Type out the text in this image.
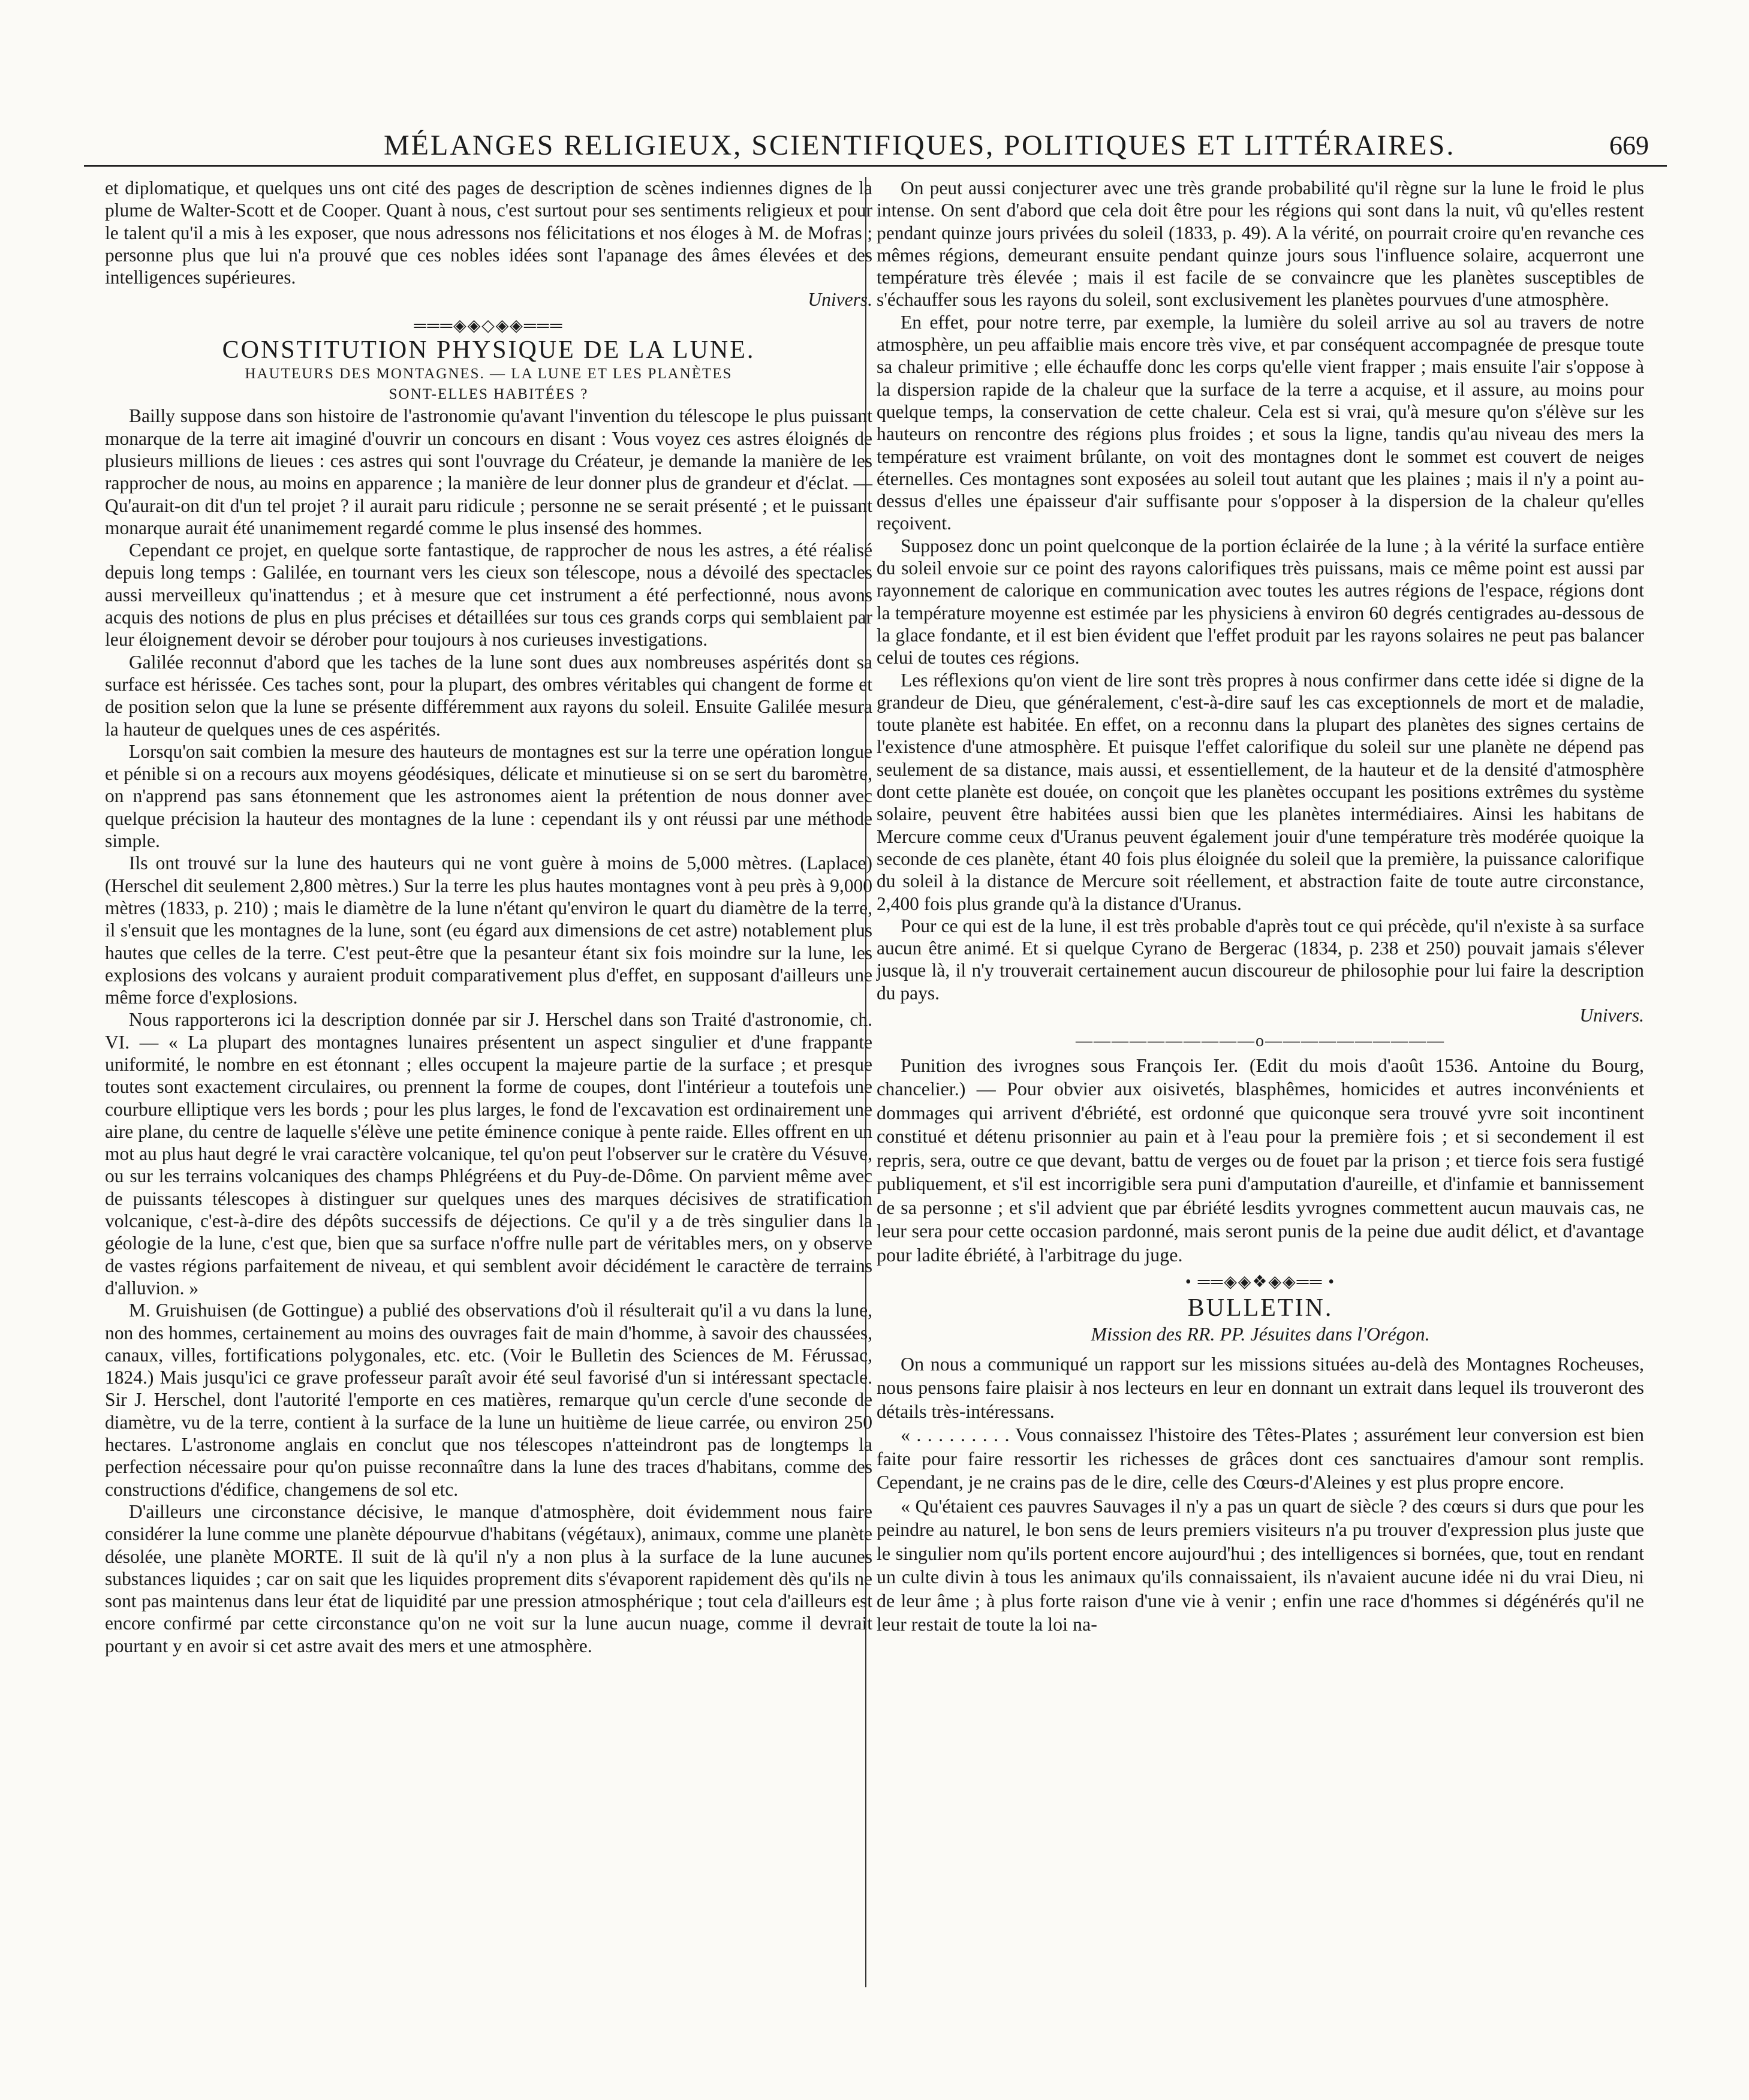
MÉLANGES RELIGIEUX, SCIENTIFIQUES, POLITIQUES ET LITTÉRAIRES.	669

et diplomatique, et quelques uns ont cité des pages de description de scènes indiennes dignes de la plume de Walter-Scott et de Cooper. Quant à nous, c'est surtout pour ses sentiments religieux et pour le talent qu'il a mis à les exposer, que nous adressons nos félicitations et nos éloges à M. de Mofras ; personne plus que lui n'a prouvé que ces nobles idées sont l'apanage des âmes élevées et des intelligences supérieures.

Univers.

═══◈◈◇◈◈═══
CONSTITUTION PHYSIQUE DE LA LUNE.
HAUTEURS DES MONTAGNES. — LA LUNE ET LES PLANÈTES
SONT-ELLES HABITÉES ?

Bailly suppose dans son histoire de l'astronomie qu'avant l'invention du télescope le plus puissant monarque de la terre ait imaginé d'ouvrir un concours en disant : Vous voyez ces astres éloignés de plusieurs millions de lieues : ces astres qui sont l'ouvrage du Créateur, je demande la manière de les rapprocher de nous, au moins en apparence ; la manière de leur donner plus de grandeur et d'éclat. — Qu'aurait-on dit d'un tel projet ? il aurait paru ridicule ; personne ne se serait présenté ; et le puissant monarque aurait été unanimement regardé comme le plus insensé des hommes.

Cependant ce projet, en quelque sorte fantastique, de rapprocher de nous les astres, a été réalisé depuis long temps : Galilée, en tournant vers les cieux son télescope, nous a dévoilé des spectacles aussi merveilleux qu'inattendus ; et à mesure que cet instrument a été perfectionné, nous avons acquis des notions de plus en plus précises et détaillées sur tous ces grands corps qui semblaient par leur éloignement devoir se dérober pour toujours à nos curieuses investigations.

Galilée reconnut d'abord que les taches de la lune sont dues aux nombreuses aspérités dont sa surface est hérissée. Ces taches sont, pour la plupart, des ombres véritables qui changent de forme et de position selon que la lune se présente différemment aux rayons du soleil. Ensuite Galilée mesura la hauteur de quelques unes de ces aspérités.

Lorsqu'on sait combien la mesure des hauteurs de montagnes est sur la terre une opération longue et pénible si on a recours aux moyens géodésiques, délicate et minutieuse si on se sert du baromètre, on n'apprend pas sans étonnement que les astronomes aient la prétention de nous donner avec quelque précision la hauteur des montagnes de la lune : cependant ils y ont réussi par une méthode simple.

Ils ont trouvé sur la lune des hauteurs qui ne vont guère à moins de 5,000 mètres. (Laplace) (Herschel dit seulement 2,800 mètres.) Sur la terre les plus hautes montagnes vont à peu près à 9,000 mètres (1833, p. 210) ; mais le diamètre de la lune n'étant qu'environ le quart du diamètre de la terre, il s'ensuit que les montagnes de la lune, sont (eu égard aux dimensions de cet astre) notablement plus hautes que celles de la terre. C'est peut-être que la pesanteur étant six fois moindre sur la lune, les explosions des volcans y auraient produit comparativement plus d'effet, en supposant d'ailleurs une même force d'explosions.

Nous rapporterons ici la description donnée par sir J. Herschel dans son Traité d'astronomie, ch. VI. — « La plupart des montagnes lunaires présentent un aspect singulier et d'une frappante uniformité, le nombre en est étonnant ; elles occupent la majeure partie de la surface ; et presque toutes sont exactement circulaires, ou prennent la forme de coupes, dont l'intérieur a toutefois une courbure elliptique vers les bords ; pour les plus larges, le fond de l'excavation est ordinairement une aire plane, du centre de laquelle s'élève une petite éminence conique à pente raide. Elles offrent en un mot au plus haut degré le vrai caractère volcanique, tel qu'on peut l'observer sur le cratère du Vésuve, ou sur les terrains volcaniques des champs Phlégréens et du Puy-de-Dôme. On parvient même avec de puissants télescopes à distinguer sur quelques unes des marques décisives de stratification volcanique, c'est-à-dire des dépôts successifs de déjections. Ce qu'il y a de très singulier dans la géologie de la lune, c'est que, bien que sa surface n'offre nulle part de véritables mers, on y observe de vastes régions parfaitement de niveau, et qui semblent avoir décidément le caractère de terrains d'alluvion. »

M. Gruishuisen (de Gottingue) a publié des observations d'où il résulterait qu'il a vu dans la lune, non des hommes, certainement au moins des ouvrages fait de main d'homme, à savoir des chaussées, canaux, villes, fortifications polygonales, etc. etc. (Voir le Bulletin des Sciences de M. Férussac, 1824.) Mais jusqu'ici ce grave professeur paraît avoir été seul favorisé d'un si intéressant spectacle. Sir J. Herschel, dont l'autorité l'emporte en ces matières, remarque qu'un cercle d'une seconde de diamètre, vu de la terre, contient à la surface de la lune un huitième de lieue carrée, ou environ 250 hectares. L'astronome anglais en conclut que nos télescopes n'atteindront pas de longtemps la perfection nécessaire pour qu'on puisse reconnaître dans la lune des traces d'habitans, comme des constructions d'édifice, changemens de sol etc.

D'ailleurs une circonstance décisive, le manque d'atmosphère, doit évidemment nous faire considérer la lune comme une planète dépourvue d'habitans (végétaux), animaux, comme une planète désolée, une planète MORTE. Il suit de là qu'il n'y a non plus à la surface de la lune aucunes substances liquides ; car on sait que les liquides proprement dits s'évaporent rapidement dès qu'ils ne sont pas maintenus dans leur état de liquidité par une pression atmosphérique ; tout cela d'ailleurs est encore confirmé par cette circonstance qu'on ne voit sur la lune aucun nuage, comme il devrait pourtant y en avoir si cet astre avait des mers et une atmosphère.

On peut aussi conjecturer avec une très grande probabilité qu'il règne sur la lune le froid le plus intense. On sent d'abord que cela doit être pour les régions qui sont dans la nuit, vû qu'elles restent pendant quinze jours privées du soleil (1833, p. 49). A la vérité, on pourrait croire qu'en revanche ces mêmes régions, demeurant ensuite pendant quinze jours sous l'influence solaire, acquerront une température très élevée ; mais il est facile de se convaincre que les planètes susceptibles de s'échauffer sous les rayons du soleil, sont exclusivement les planètes pourvues d'une atmosphère.

En effet, pour notre terre, par exemple, la lumière du soleil arrive au sol au travers de notre atmosphère, un peu affaiblie mais encore très vive, et par conséquent accompagnée de presque toute sa chaleur primitive ; elle échauffe donc les corps qu'elle vient frapper ; mais ensuite l'air s'oppose à la dispersion rapide de la chaleur que la surface de la terre a acquise, et il assure, au moins pour quelque temps, la conservation de cette chaleur. Cela est si vrai, qu'à mesure qu'on s'élève sur les hauteurs on rencontre des régions plus froides ; et sous la ligne, tandis qu'au niveau des mers la température est vraiment brûlante, on voit des montagnes dont le sommet est couvert de neiges éternelles. Ces montagnes sont exposées au soleil tout autant que les plaines ; mais il n'y a point au-dessus d'elles une épaisseur d'air suffisante pour s'opposer à la dispersion de la chaleur qu'elles reçoivent.

Supposez donc un point quelconque de la portion éclairée de la lune ; à la vérité la surface entière du soleil envoie sur ce point des rayons calorifiques très puissans, mais ce même point est aussi par rayonnement de calorique en communication avec toutes les autres régions de l'espace, régions dont la température moyenne est estimée par les physiciens à environ 60 degrés centigrades au-dessous de la glace fondante, et il est bien évident que l'effet produit par les rayons solaires ne peut pas balancer celui de toutes ces régions.

Les réflexions qu'on vient de lire sont très propres à nous confirmer dans cette idée si digne de la grandeur de Dieu, que généralement, c'est-à-dire sauf les cas exceptionnels de mort et de maladie, toute planète est habitée. En effet, on a reconnu dans la plupart des planètes des signes certains de l'existence d'une atmosphère. Et puisque l'effet calorifique du soleil sur une planète ne dépend pas seulement de sa distance, mais aussi, et essentiellement, de la hauteur et de la densité d'atmosphère dont cette planète est douée, on conçoit que les planètes occupant les positions extrêmes du système solaire, peuvent être habitées aussi bien que les planètes intermédiaires. Ainsi les habitans de Mercure comme ceux d'Uranus peuvent également jouir d'une température très modérée quoique la seconde de ces planète, étant 40 fois plus éloignée du soleil que la première, la puissance calorifique du soleil à la distance de Mercure soit réellement, et abstraction faite de toute autre circonstance, 2,400 fois plus grande qu'à la distance d'Uranus.

Pour ce qui est de la lune, il est très probable d'après tout ce qui précède, qu'il n'existe à sa surface aucun être animé. Et si quelque Cyrano de Bergerac (1834, p. 238 et 250) pouvait jamais s'élever jusque là, il n'y trouverait certainement aucun discoureur de philosophie pour lui faire la description du pays.

Univers.

——————————o——————————

Punition des ivrognes sous François Ier. (Edit du mois d'août 1536. Antoine du Bourg, chancelier.) — Pour obvier aux oisivetés, blasphêmes, homicides et autres inconvénients et dommages qui arrivent d'ébriété, est ordonné que quiconque sera trouvé yvre soit incontinent constitué et détenu prisonnier au pain et à l'eau pour la première fois ; et si secondement il est repris, sera, outre ce que devant, battu de verges ou de fouet par la prison ; et tierce fois sera fustigé publiquement, et s'il est incorrigible sera puni d'amputation d'aureille, et d'infamie et bannissement de sa personne ; et s'il advient que par ébriété lesdits yvrognes commettent aucun mauvais cas, ne leur sera pour cette occasion pardonné, mais seront punis de la peine due audit délict, et d'avantage pour ladite ébriété, à l'arbitrage du juge.

• ══◈◈❖◈◈══ •
BULLETIN.
Mission des RR. PP. Jésuites dans l'Orégon.

On nous a communiqué un rapport sur les missions situées au-delà des Montagnes Rocheuses, nous pensons faire plaisir à nos lecteurs en leur en donnant un extrait dans lequel ils trouveront des détails très-intéressans.

« . . . . . . . . . Vous connaissez l'histoire des Têtes-Plates ; assurément leur conversion est bien faite pour faire ressortir les richesses de grâces dont ces sanctuaires d'amour sont remplis. Cependant, je ne crains pas de le dire, celle des Cœurs-d'Aleines y est plus propre encore.

« Qu'étaient ces pauvres Sauvages il n'y a pas un quart de siècle ? des cœurs si durs que pour les peindre au naturel, le bon sens de leurs premiers visiteurs n'a pu trouver d'expression plus juste que le singulier nom qu'ils portent encore aujourd'hui ; des intelligences si bornées, que, tout en rendant un culte divin à tous les animaux qu'ils connaissaient, ils n'avaient aucune idée ni du vrai Dieu, ni de leur âme ; à plus forte raison d'une vie à venir ; enfin une race d'hommes si dégénérés qu'il ne leur restait de toute la loi na-
